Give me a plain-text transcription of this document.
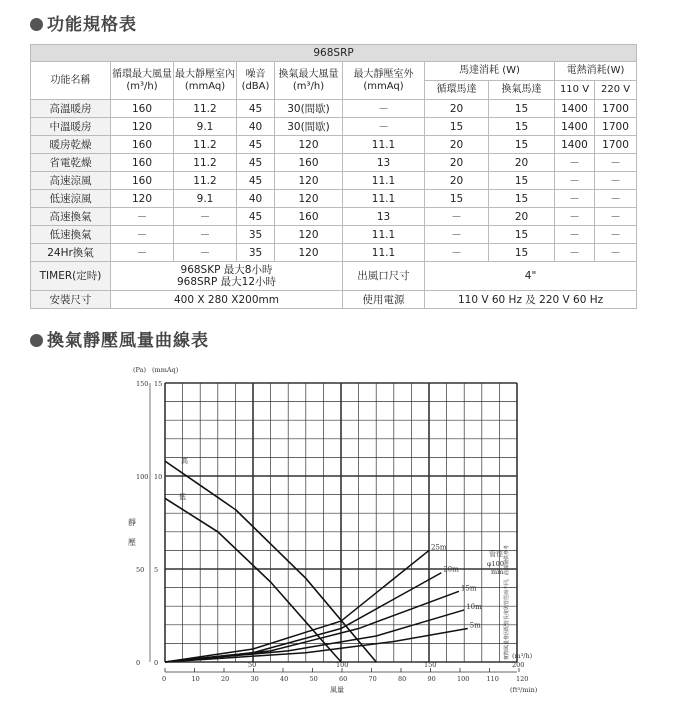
功能規格表
968SRP									
功能名稱	循環最大風量(m³/h)	最大靜壓室內(mmAq)	噪音(dBA)	換氣最大風量(m³/h)	最大靜壓室外(mmAq)	馬達消耗 (W)		電熱消耗(W)	
						循環馬達	換氣馬達	110 V	220 V
高溫暖房	160	11.2	45	30(間歇)	－	20	15	1400	1700
中溫暖房	120	9.1	40	30(間歇)	－	15	15	1400	1700
暖房乾燥	160	11.2	45	120	11.1	20	15	1400	1700
省電乾燥	160	11.2	45	160	13	20	20	－	－
高速涼風	160	11.2	45	120	11.1	20	15	－	－
低速涼風	120	9.1	40	120	11.1	15	15	－	－
高速換氣	－	－	45	160	13	－	20	－	－
低速換氣	－	－	35	120	11.1	－	15	－	－
24Hr換氣	－	－	35	120	11.1	－	15	－	－
TIMER(定時)	968SKP 最大8小時
968SRP 最大12小時				出風口尺寸	4"			
安裝尺寸	400 X 280 X200mm				使用電源	110 V 60 Hz 及 220 V 60 Hz			
換氣靜壓風量曲線表
(Pa) (mmAq)
150 15
100 10
50 5
0 0
靜
壓
50	100	150	200
(m³/h)
0	10	20	30	40	50	60	70	80	90	100	110	120
(ft³/min)
風量
高
低
25m
20m
15m
10m
5m
管徑
φ100
mm 實際風量會因配管長度與管徑而不同，曲線圖供參考
